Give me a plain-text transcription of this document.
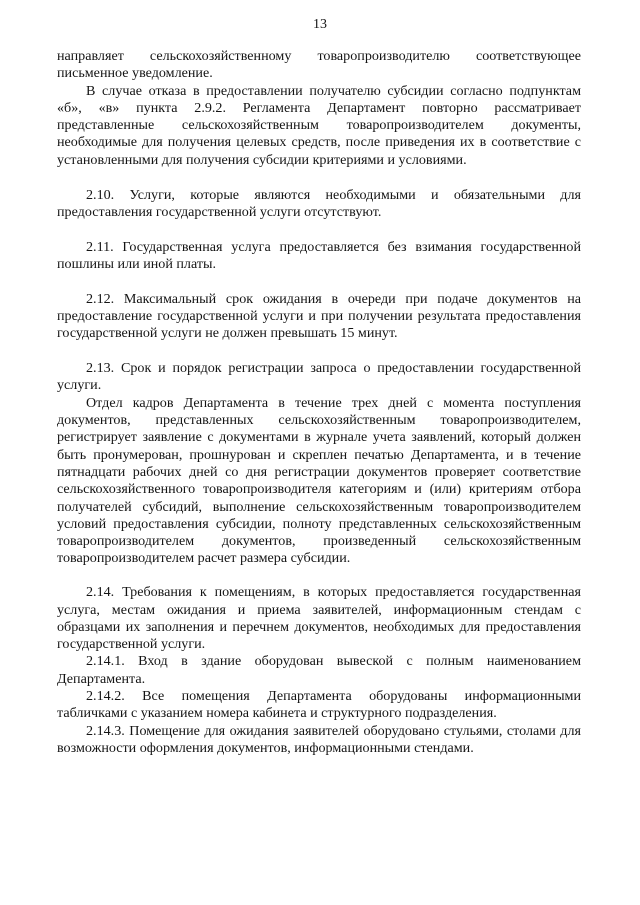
13

направляет сельскохозяйственному товаропроизводителю соответствующее письменное уведомление.

В случае отказа в предоставлении получателю субсидии согласно подпунктам «б», «в» пункта 2.9.2. Регламента Департамент повторно рассматривает представленные сельскохозяйственным товаропроизводителем документы, необходимые для получения целевых средств, после приведения их в соответствие с установленными для получения субсидии критериями и условиями.

2.10. Услуги, которые являются необходимыми и обязательными для предоставления государственной услуги отсутствуют.

2.11. Государственная услуга предоставляется без взимания государственной пошлины или иной платы.

2.12. Максимальный срок ожидания в очереди при подаче документов на предоставление государственной услуги и при получении результата предоставления государственной услуги не должен превышать 15 минут.

2.13. Срок и порядок регистрации запроса о предоставлении государственной услуги.

Отдел кадров Департамента в течение трех дней с момента поступления документов, представленных сельскохозяйственным товаропроизводителем, регистрирует заявление с документами в журнале учета заявлений, который должен быть пронумерован, прошнурован и скреплен печатью Департамента, и в течение пятнадцати рабочих дней со дня регистрации документов проверяет соответствие сельскохозяйственного товаропроизводителя категориям и (или) критериям отбора получателей субсидий, выполнение сельскохозяйственным товаропроизводителем условий предоставления субсидии, полноту представленных сельскохозяйственным товаропроизводителем документов, произведенный сельскохозяйственным товаропроизводителем расчет размера субсидии.

2.14. Требования к помещениям, в которых предоставляется государственная услуга, местам ожидания и приема заявителей, информационным стендам с образцами их заполнения и перечнем документов, необходимых для предоставления государственной услуги.

2.14.1. Вход в здание оборудован вывеской с полным наименованием Департамента.

2.14.2. Все помещения Департамента оборудованы информационными табличками с указанием номера кабинета и структурного подразделения.

2.14.3. Помещение для ожидания заявителей оборудовано стульями, столами для возможности оформления документов, информационными стендами.
